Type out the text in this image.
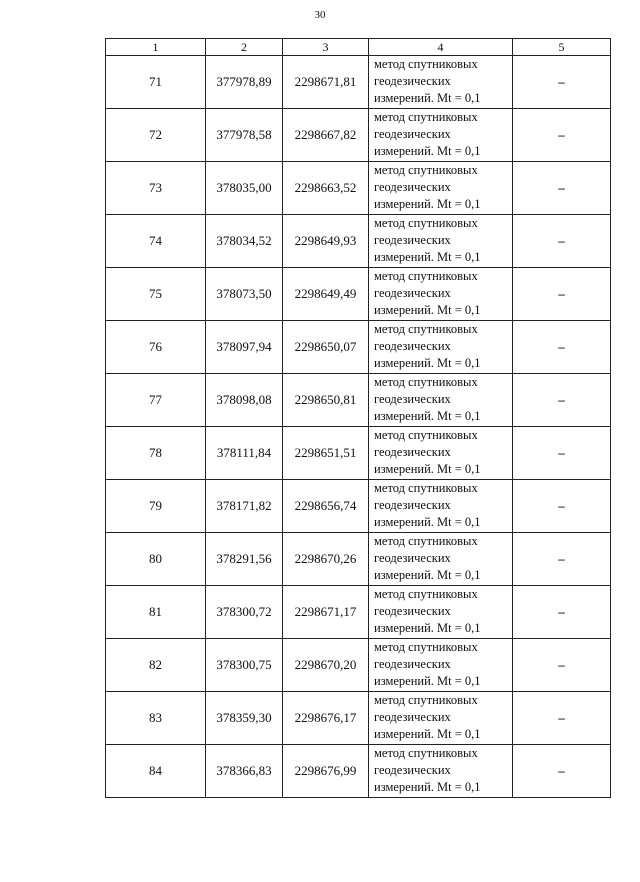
30
1	2	3	4	5
71	377978,89	2298671,81	метод спутниковых
геодезических
измерений. Mt = 0,1	–
72	377978,58	2298667,82	метод спутниковых
геодезических
измерений. Mt = 0,1	–
73	378035,00	2298663,52	метод спутниковых
геодезических
измерений. Mt = 0,1	–
74	378034,52	2298649,93	метод спутниковых
геодезических
измерений. Mt = 0,1	–
75	378073,50	2298649,49	метод спутниковых
геодезических
измерений. Mt = 0,1	–
76	378097,94	2298650,07	метод спутниковых
геодезических
измерений. Mt = 0,1	–
77	378098,08	2298650,81	метод спутниковых
геодезических
измерений. Mt = 0,1	–
78	378111,84	2298651,51	метод спутниковых
геодезических
измерений. Mt = 0,1	–
79	378171,82	2298656,74	метод спутниковых
геодезических
измерений. Mt = 0,1	–
80	378291,56	2298670,26	метод спутниковых
геодезических
измерений. Mt = 0,1	–
81	378300,72	2298671,17	метод спутниковых
геодезических
измерений. Mt = 0,1	–
82	378300,75	2298670,20	метод спутниковых
геодезических
измерений. Mt = 0,1	–
83	378359,30	2298676,17	метод спутниковых
геодезических
измерений. Mt = 0,1	–
84	378366,83	2298676,99	метод спутниковых
геодезических
измерений. Mt = 0,1	–
